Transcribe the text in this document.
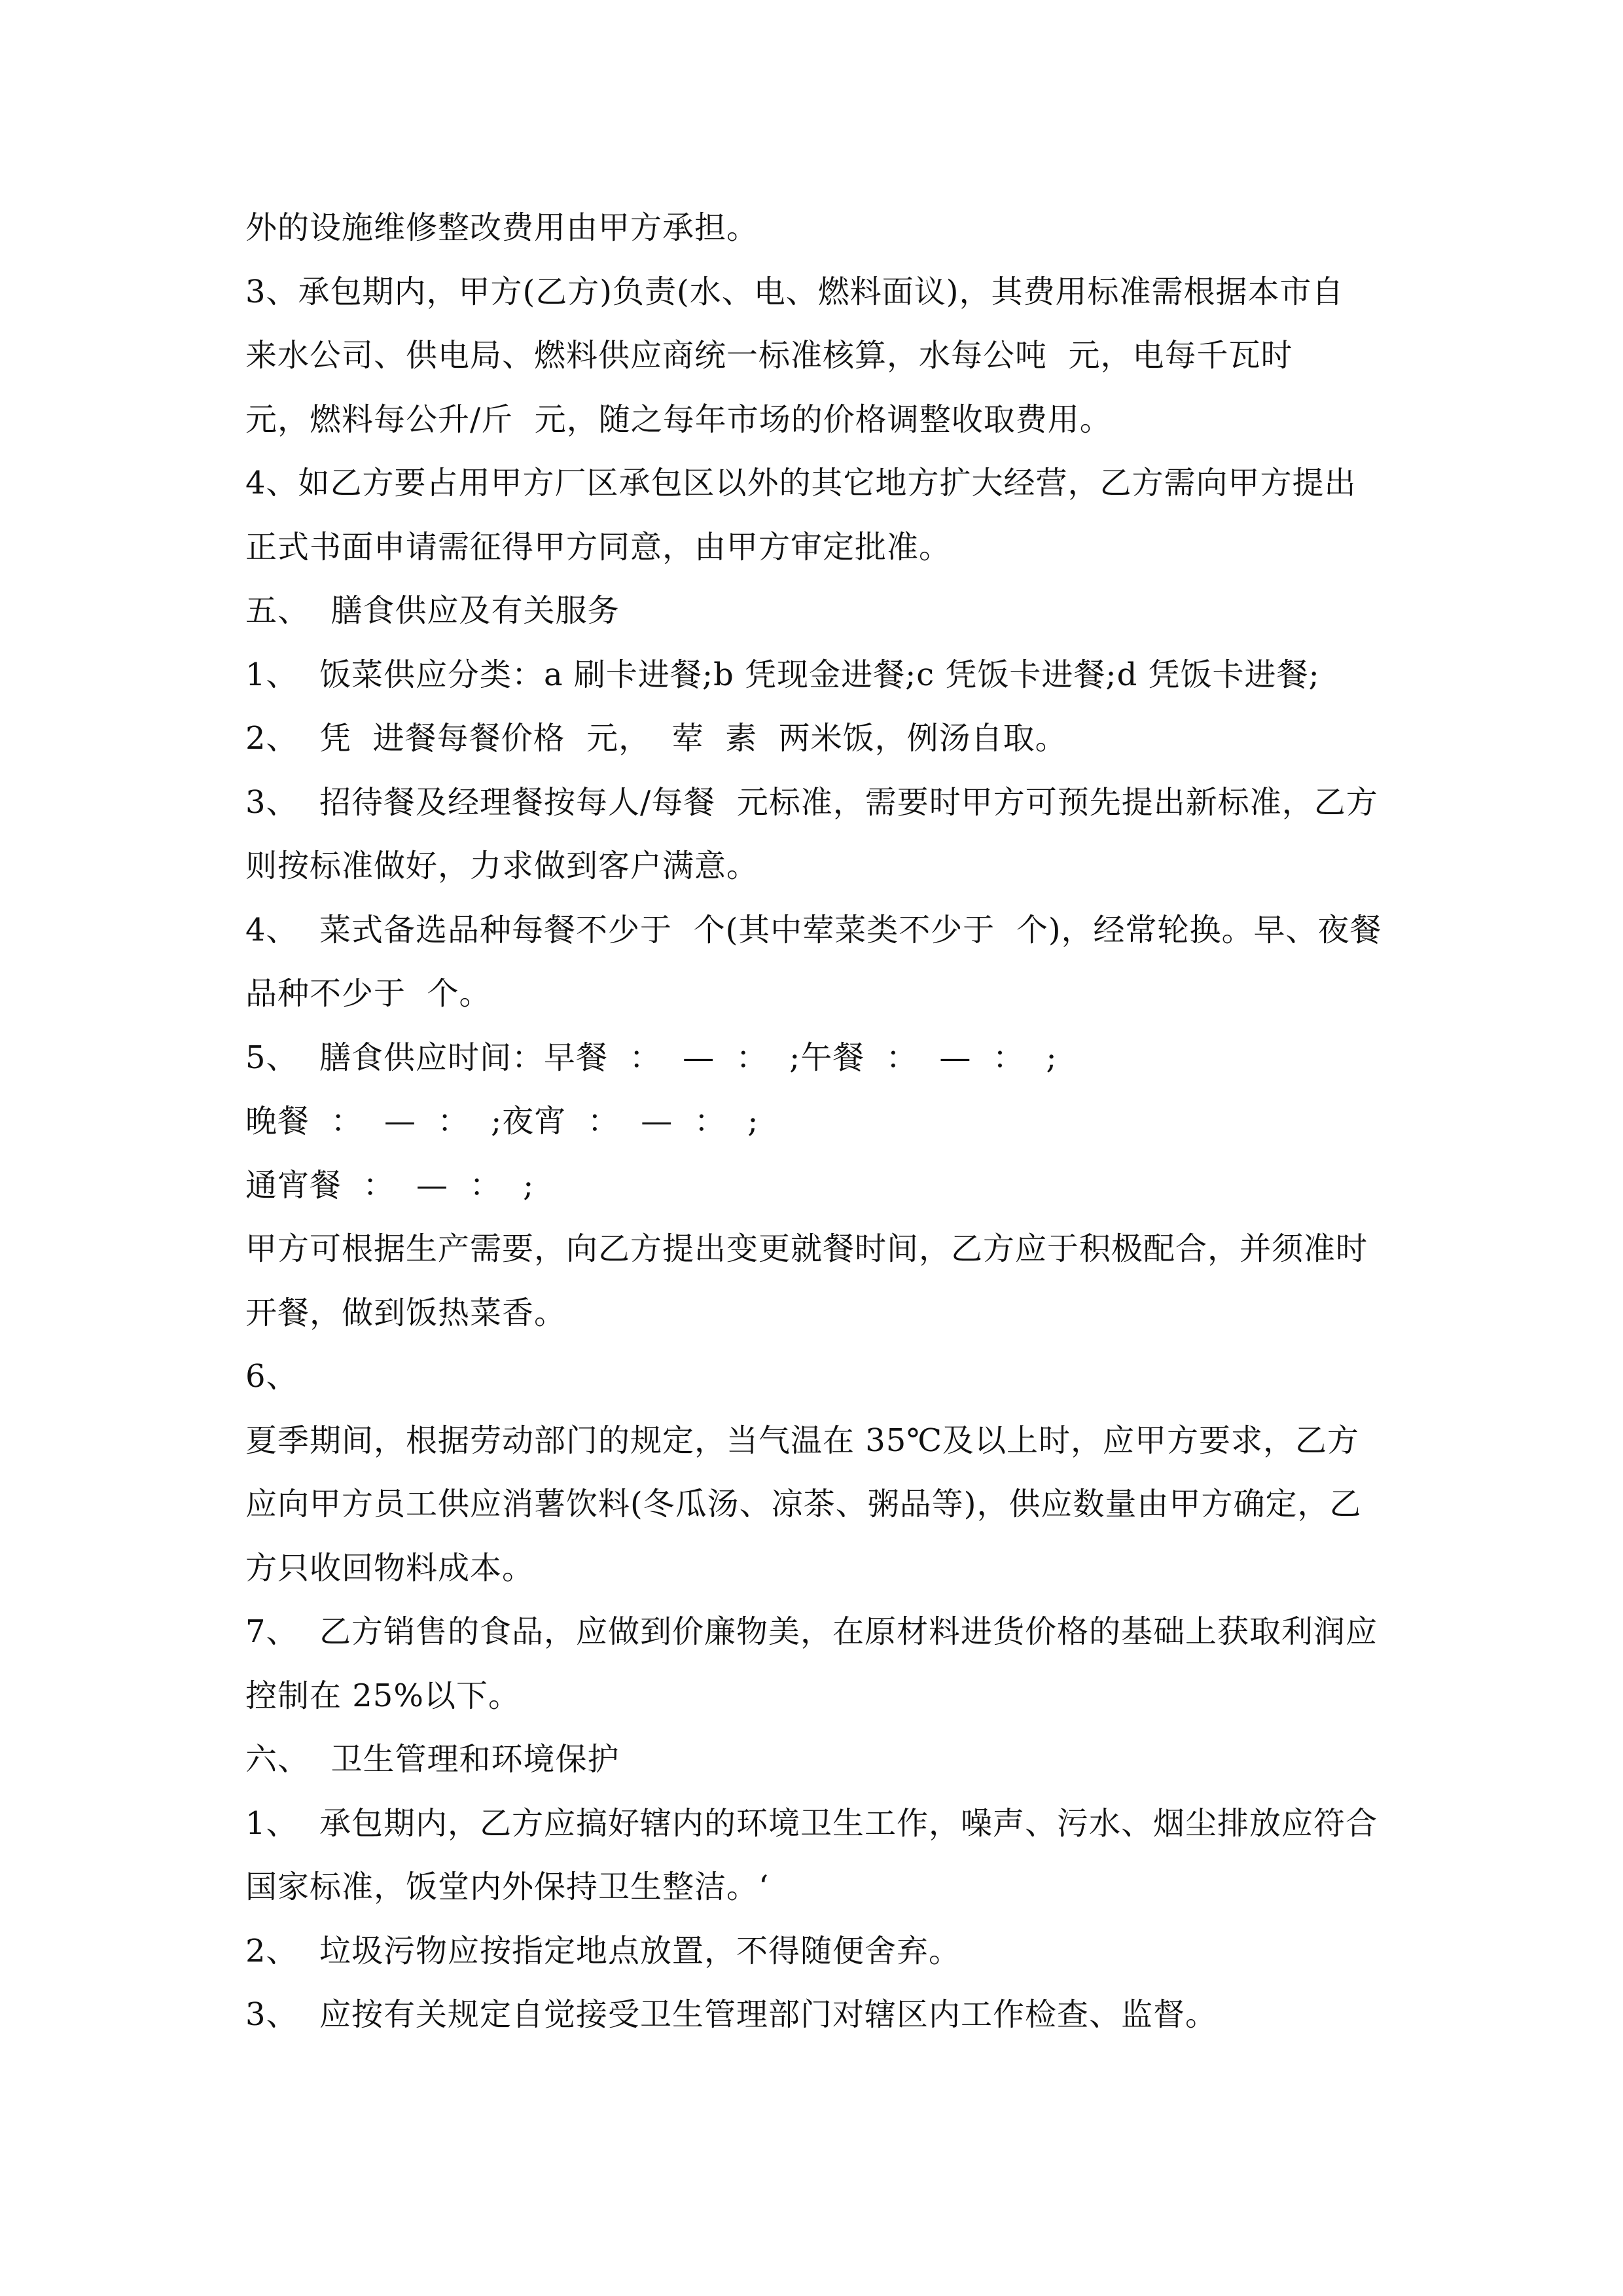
外的设施维修整改费用由甲方承担。
3、承包期内，甲方(乙方)负责(水、电、燃料面议)，其费用标准需根据本市自
来水公司、供电局、燃料供应商统一标准核算，水每公吨  元，电每千瓦时
元，燃料每公升/斤  元，随之每年市场的价格调整收取费用。
4、如乙方要占用甲方厂区承包区以外的其它地方扩大经营，乙方需向甲方提出
正式书面申请需征得甲方同意，由甲方审定批准。
五、  膳食供应及有关服务
1、  饭菜供应分类：a 刷卡进餐;b 凭现金进餐;c 凭饭卡进餐;d 凭饭卡进餐;
2、  凭  进餐每餐价格  元，  荤  素  两米饭，例汤自取。
3、  招待餐及经理餐按每人/每餐  元标准，需要时甲方可预先提出新标准，乙方
则按标准做好，力求做到客户满意。
4、  菜式备选品种每餐不少于  个(其中荤菜类不少于  个)，经常轮换。早、夜餐
品种不少于  个。
5、  膳食供应时间：早餐  ：  —  ：  ;午餐  ：  —  ：  ;
晚餐  ：  —  ：  ;夜宵  ：  —  ：  ;
通宵餐  ：  —  ：  ;
甲方可根据生产需要，向乙方提出变更就餐时间，乙方应于积极配合，并须准时
开餐，做到饭热菜香。
6、
夏季期间，根据劳动部门的规定，当气温在 35℃及以上时，应甲方要求，乙方
应向甲方员工供应消薯饮料(冬瓜汤、凉茶、粥品等)，供应数量由甲方确定，乙
方只收回物料成本。
7、  乙方销售的食品，应做到价廉物美，在原材料进货价格的基础上获取利润应
控制在 25%以下。
六、  卫生管理和环境保护
1、  承包期内，乙方应搞好辖内的环境卫生工作，噪声、污水、烟尘排放应符合
国家标准，饭堂内外保持卫生整洁。‘
2、  垃圾污物应按指定地点放置，不得随便舍弃。
3、  应按有关规定自觉接受卫生管理部门对辖区内工作检查、监督。
